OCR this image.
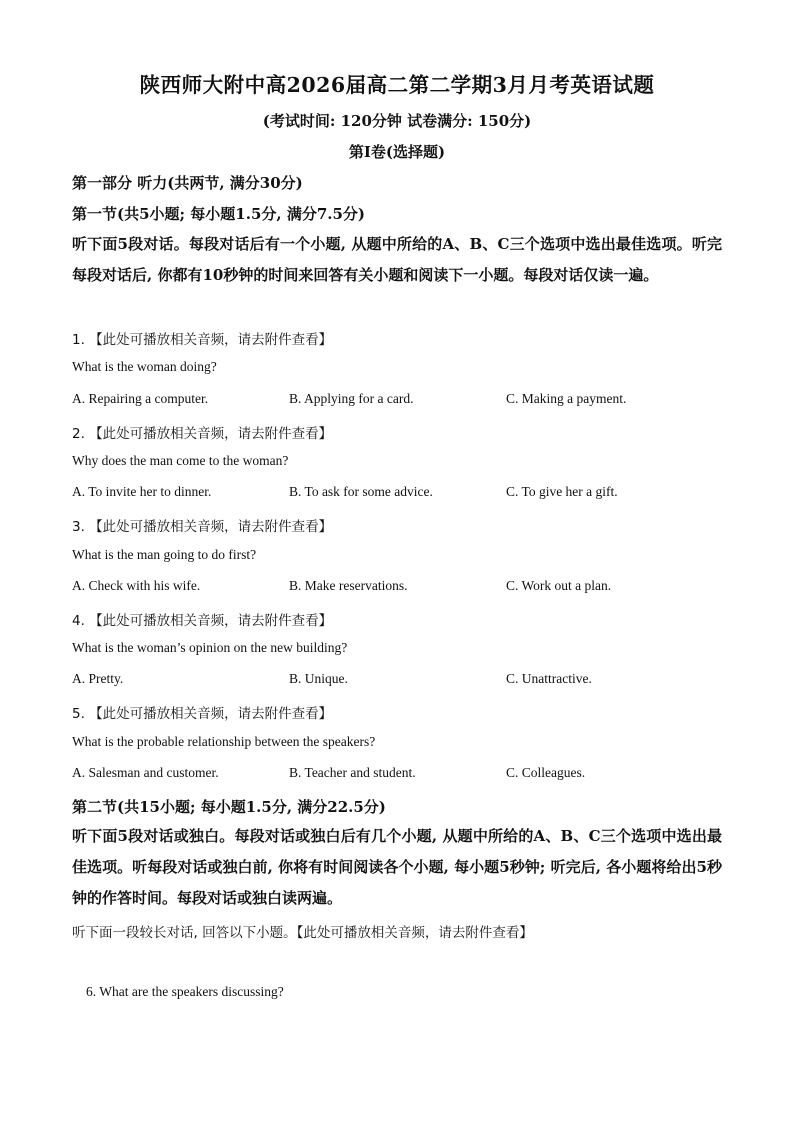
陕西师大附中高2026届高二第二学期3月月考英语试题
(考试时间: 120分钟 试卷满分: 150分)
第Ⅰ卷(选择题)
第一部分 听力(共两节, 满分30分)
第一节(共5小题; 每小题1.5分, 满分7.5分)
听下面5段对话。每段对话后有一个小题, 从题中所给的A、B、C三个选项中选出最佳选项。听完每段对话后, 你都有10秒钟的时间来回答有关小题和阅读下一小题。每段对话仅读一遍。
1. 【此处可播放相关音频，请去附件查看】
What is the woman doing?
A. Repairing a computer.	B. Applying for a card.	C. Making a payment.
2. 【此处可播放相关音频，请去附件查看】
Why does the man come to the woman?
A. To invite her to dinner.	B. To ask for some advice.	C. To give her a gift.
3. 【此处可播放相关音频，请去附件查看】
What is the man going to do first?
A. Check with his wife.	B. Make reservations.	C. Work out a plan.
4. 【此处可播放相关音频，请去附件查看】
What is the woman’s opinion on the new building?
A. Pretty.	B. Unique.	C. Unattractive.
5. 【此处可播放相关音频，请去附件查看】
What is the probable relationship between the speakers?
A. Salesman and customer.	B. Teacher and student.	C. Colleagues.
第二节(共15小题; 每小题1.5分, 满分22.5分)
听下面5段对话或独白。每段对话或独白后有几个小题, 从题中所给的A、B、C三个选项中选出最佳选项。听每段对话或独白前, 你将有时间阅读各个小题, 每小题5秒钟; 听完后, 各小题将给出5秒钟的作答时间。每段对话或独白读两遍。
听下面一段较长对话, 回答以下小题。【此处可播放相关音频，请去附件查看】
6. What are the speakers discussing?
